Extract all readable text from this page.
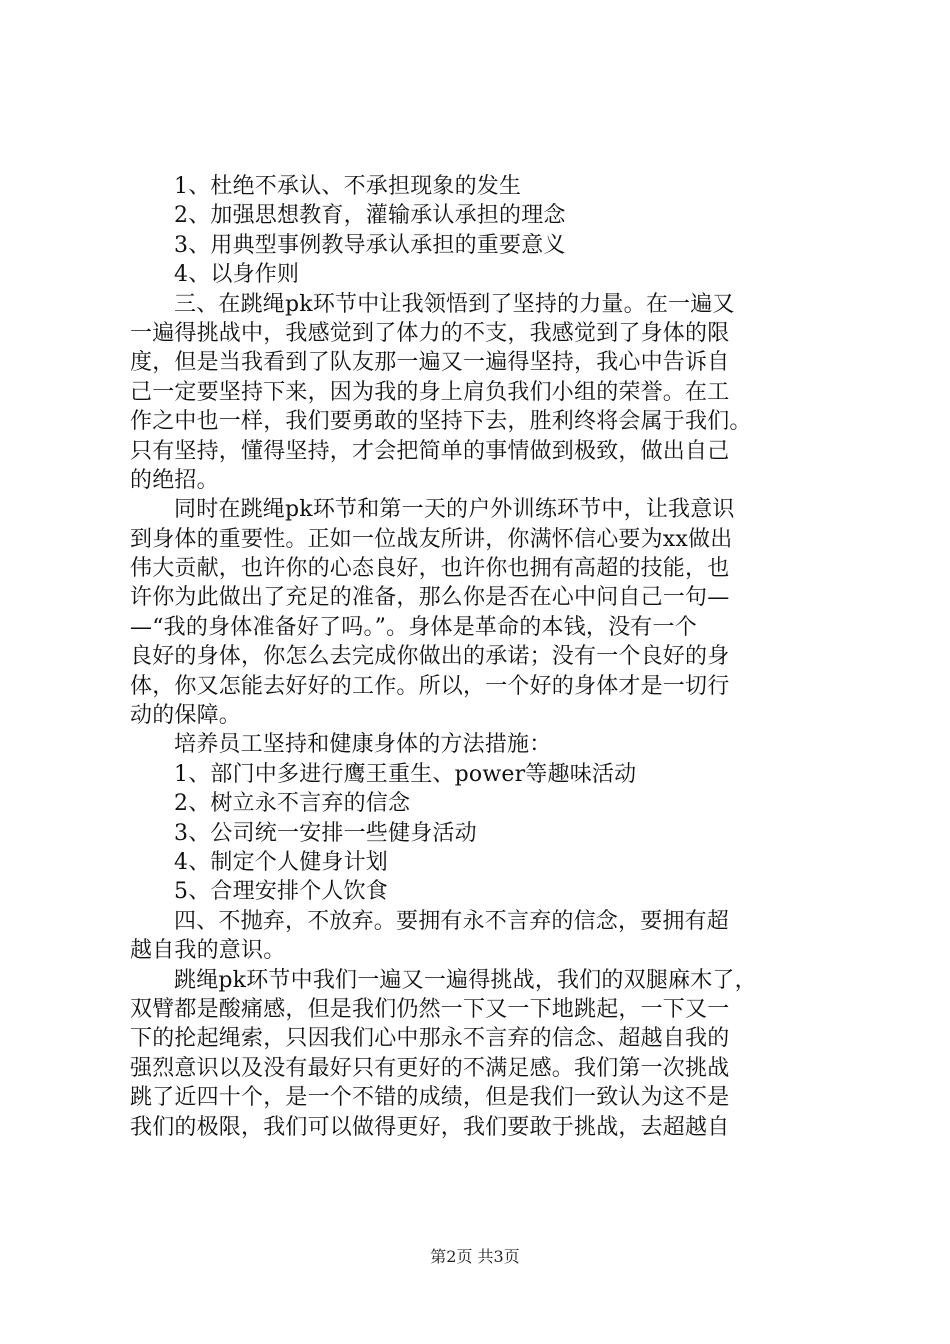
1、杜绝不承认、不承担现象的发生
2、加强思想教育，灌输承认承担的理念
3、用典型事例教导承认承担的重要意义
4、以身作则
三、在跳绳pk环节中让我领悟到了坚持的力量。在一遍又
一遍得挑战中，我感觉到了体力的不支，我感觉到了身体的限
度，但是当我看到了队友那一遍又一遍得坚持，我心中告诉自
己一定要坚持下来，因为我的身上肩负我们小组的荣誉。在工
作之中也一样，我们要勇敢的坚持下去，胜利终将会属于我们。
只有坚持，懂得坚持，才会把简单的事情做到极致，做出自己
的绝招。
同时在跳绳pk环节和第一天的户外训练环节中，让我意识
到身体的重要性。正如一位战友所讲，你满怀信心要为xx做出
伟大贡献，也许你的心态良好，也许你也拥有高超的技能，也
许你为此做出了充足的准备，那么你是否在心中问自己一句—
—“我的身体准备好了吗。”。身体是革命的本钱，没有一个
良好的身体，你怎么去完成你做出的承诺；没有一个良好的身
体，你又怎能去好好的工作。所以，一个好的身体才是一切行
动的保障。
培养员工坚持和健康身体的方法措施：
1、部门中多进行鹰王重生、power等趣味活动
2、树立永不言弃的信念
3、公司统一安排一些健身活动
4、制定个人健身计划
5、合理安排个人饮食
四、不抛弃，不放弃。要拥有永不言弃的信念，要拥有超
越自我的意识。
跳绳pk环节中我们一遍又一遍得挑战，我们的双腿麻木了，
双臂都是酸痛感，但是我们仍然一下又一下地跳起，一下又一
下的抡起绳索，只因我们心中那永不言弃的信念、超越自我的
强烈意识以及没有最好只有更好的不满足感。我们第一次挑战
跳了近四十个，是一个不错的成绩，但是我们一致认为这不是
我们的极限，我们可以做得更好，我们要敢于挑战，去超越自
第2页 共3页
